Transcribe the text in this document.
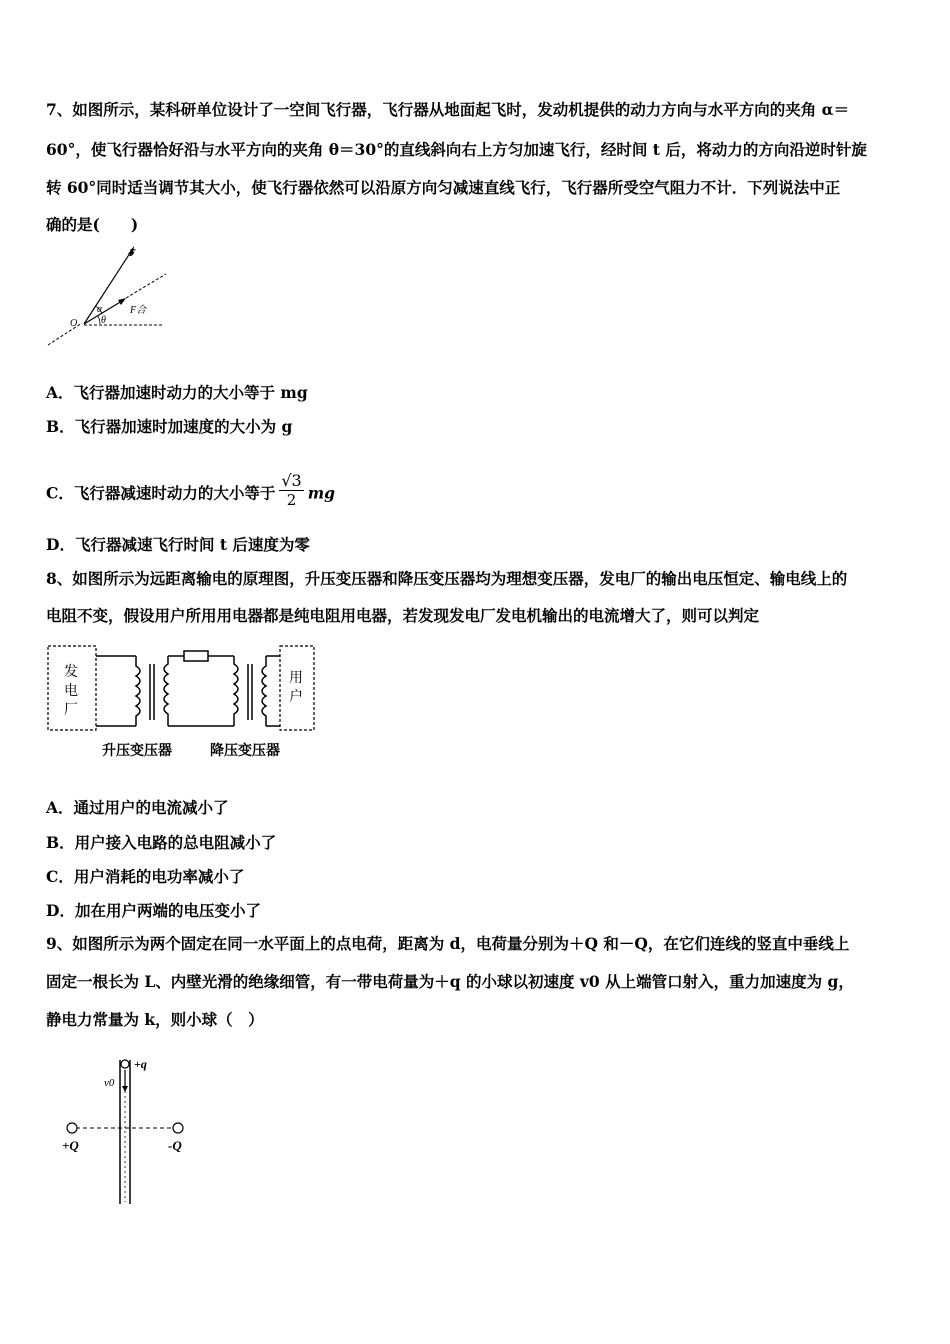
7、如图所示，某科研单位设计了一空间飞行器，飞行器从地面起飞时，发动机提供的动力方向与水平方向的夹角 α＝
60°，使飞行器恰好沿与水平方向的夹角 θ＝30°的直线斜向右上方匀加速飞行，经时间 t 后，将动力的方向沿逆时针旋
转 60°同时适当调节其大小，使飞行器依然可以沿原方向匀减速直线飞行，飞行器所受空气阻力不计．下列说法中正
确的是(　　)
F
α
θ
O
F合
A．飞行器加速时动力的大小等于 mg
B．飞行器加速时加速度的大小为 g
C．飞行器减速时动力的大小等于 $\frac{√3}{2}$ mg
D．飞行器减速飞行时间 t 后速度为零
8、如图所示为远距离输电的原理图，升压变压器和降压变压器均为理想变压器，发电厂的输出电压恒定、输电线上的
电阻不变，假设用户所用用电器都是纯电阻用电器，若发现发电厂发电机输出的电流增大了，则可以判定
发
电
厂
用
户
升压变压器	降压变压器
A．通过用户的电流减小了
B．用户接入电路的总电阻减小了
C．用户消耗的电功率减小了
D．加在用户两端的电压变小了
9、如图所示为两个固定在同一水平面上的点电荷，距离为 d，电荷量分别为＋Q 和－Q，在它们连线的竖直中垂线上
固定一根长为 L、内壁光滑的绝缘细管，有一带电荷量为＋q 的小球以初速度 v0 从上端管口射入，重力加速度为 g，
静电力常量为 k，则小球（　）
+q
v0
+Q	-Q
